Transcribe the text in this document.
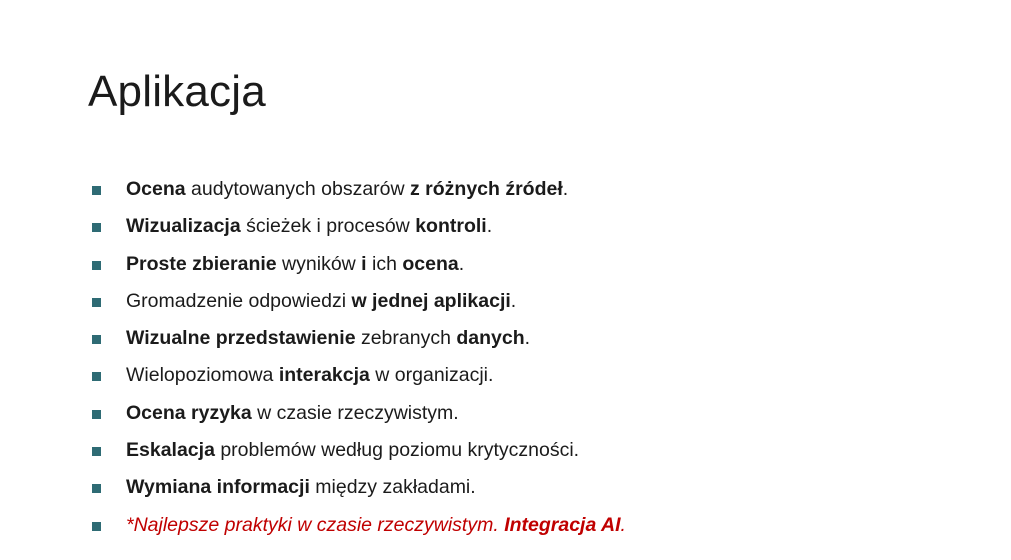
Aplikacja
Ocena audytowanych obszarów z różnych źródeł.
Wizualizacja ścieżek i procesów kontroli.
Proste zbieranie wyników i ich ocena.
Gromadzenie odpowiedzi w jednej aplikacji.
Wizualne przedstawienie zebranych danych.
Wielopoziomowa interakcja w organizacji.
Ocena ryzyka w czasie rzeczywistym.
Eskalacja problemów według poziomu krytyczności.
Wymiana informacji między zakładami.
*Najlepsze praktyki w czasie rzeczywistym. Integracja AI.
